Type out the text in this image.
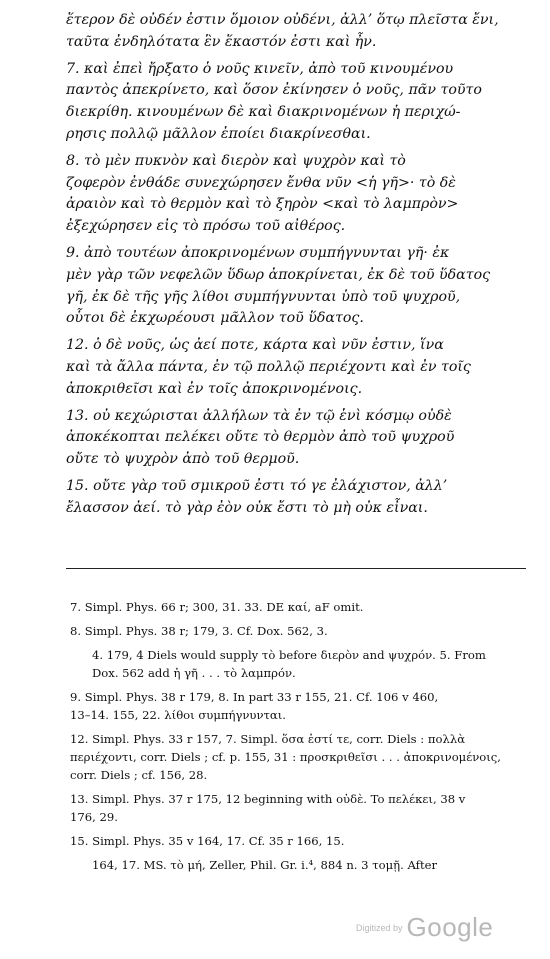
ἕτερον δὲ οὐδέν ἐστιν ὅμοιον οὐδένι, ἀλλ’ ὅτῳ πλεῖστα ἔνι,
ταῦτα ἐνδηλότατα ἓν ἕκαστόν ἐστι καὶ ἦν.

7. καὶ ἐπεὶ ἤρξατο ὁ νοῦς κινεῖν, ἀπὸ τοῦ κινουμένου
παντὸς ἀπεκρίνετο, καὶ ὅσον ἐκίνησεν ὁ νοῦς, πᾶν τοῦτο
διεκρίθη. κινουμένων δὲ καὶ διακρινομένων ἡ περιχώ-
ρησις πολλῷ μᾶλλον ἐποίει διακρίνεσθαι.

8. τὸ μὲν πυκνὸν καὶ διερὸν καὶ ψυχρὸν καὶ τὸ
ζοφερὸν ἐνθάδε συνεχώρησεν ἔνθα νῦν <ἡ γῆ>· τὸ δὲ
ἀραιὸν καὶ τὸ θερμὸν καὶ τὸ ξηρὸν <καὶ τὸ λαμπρὸν>
ἐξεχώρησεν εἰς τὸ πρόσω τοῦ αἰθέρος.

9. ἀπὸ τουτέων ἀποκρινομένων συμπήγνυνται γῆ· ἐκ
μὲν γὰρ τῶν νεφελῶν ὕδωρ ἀποκρίνεται, ἐκ δὲ τοῦ ὕδατος
γῆ, ἐκ δὲ τῆς γῆς λίθοι συμπήγνυνται ὑπὸ τοῦ ψυχροῦ,
οὗτοι δὲ ἐκχωρέουσι μᾶλλον τοῦ ὕδατος.

12. ὁ δὲ νοῦς, ὡς ἀεί ποτε, κάρτα καὶ νῦν ἐστιν, ἵνα
καὶ τὰ ἄλλα πάντα, ἐν τῷ πολλῷ περιέχοντι καὶ ἐν τοῖς
ἀποκριθεῖσι καὶ ἐν τοῖς ἀποκρινομένοις.

13. οὐ κεχώρισται ἀλλήλων τὰ ἐν τῷ ἑνὶ κόσμῳ οὐδὲ
ἀποκέκοπται πελέκει οὔτε τὸ θερμὸν ἀπὸ τοῦ ψυχροῦ
οὔτε τὸ ψυχρὸν ἀπὸ τοῦ θερμοῦ.

15. οὔτε γὰρ τοῦ σμικροῦ ἐστι τό γε ἐλάχιστον, ἀλλ’
ἔλασσον ἀεί. τὸ γὰρ ἐὸν οὐκ ἔστι τὸ μὴ οὐκ εἶναι.

7. Simpl. Phys. 66 r; 300, 31. 33. DE καί, aF omit.

8. Simpl. Phys. 38 r; 179, 3. Cf. Dox. 562, 3.

4. 179, 4 Diels would supply τὸ before διερὸν and ψυχρόν. 5. From
Dox. 562 add ἡ γῆ . . . τὸ λαμπρόν.

9. Simpl. Phys. 38 r 179, 8. In part 33 r 155, 21. Cf. 106 v 460,
13–14. 155, 22. λίθοι συμπήγνυνται.

12. Simpl. Phys. 33 r 157, 7. Simpl. ὅσα ἐστί τε, corr. Diels : πολλὰ
περιέχοντι, corr. Diels ; cf. p. 155, 31 : προσκριθεῖσι . . . ἀποκρινομένοις,
corr. Diels ; cf. 156, 28.

13. Simpl. Phys. 37 r 175, 12 beginning with οὐδὲ. To πελέκει, 38 v
176, 29.

15. Simpl. Phys. 35 v 164, 17. Cf. 35 r 166, 15.

164, 17. MS. τὸ μή, Zeller, Phil. Gr. i.⁴, 884 n. 3 τομῇ. After

Digitized by Google
